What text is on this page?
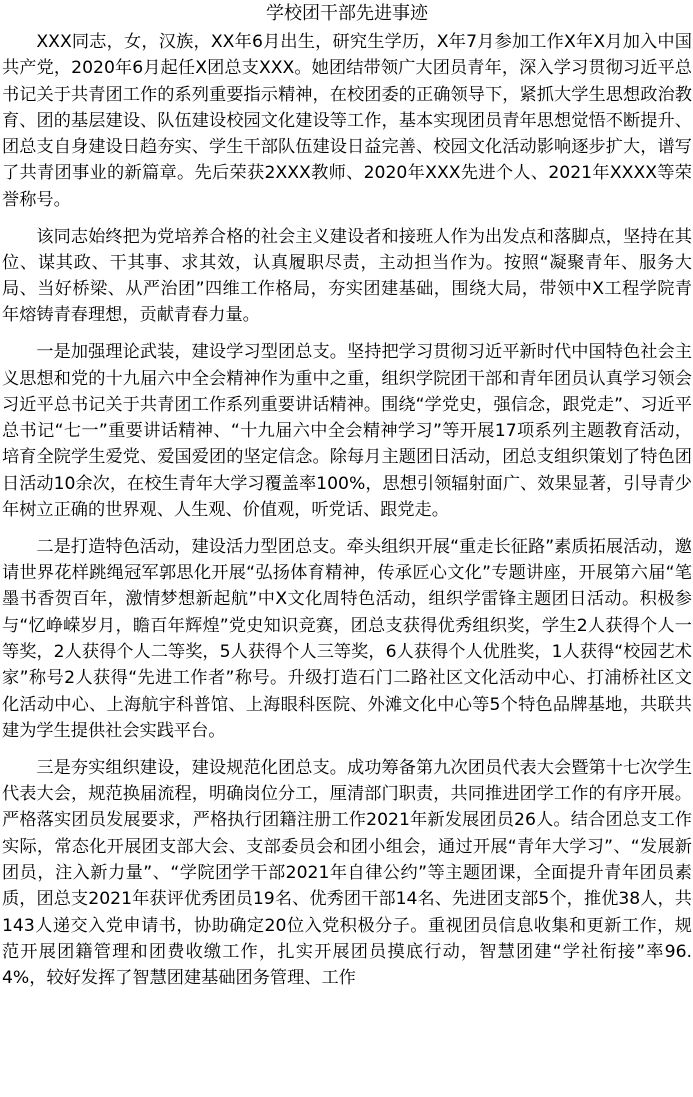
学校团干部先进事迹

XXX同志，女，汉族，XX年6月出生，研究生学历，X年7月参加工作X年X月加入中国共产党，2020年6月起任X团总支XXX。她团结带领广大团员青年，深入学习贯彻习近平总书记关于共青团工作的系列重要指示精神，在校团委的正确领导下，紧抓大学生思想政治教育、团的基层建设、队伍建设校园文化建设等工作，基本实现团员青年思想觉悟不断提升、团总支自身建设日趋夯实、学生干部队伍建设日益完善、校园文化活动影响逐步扩大，谱写了共青团事业的新篇章。先后荣获2XXX教师、2020年XXX先进个人、2021年XXXX等荣誉称号。

该同志始终把为党培养合格的社会主义建设者和接班人作为出发点和落脚点，坚持在其位、谋其政、干其事、求其效，认真履职尽责，主动担当作为。按照“凝聚青年、服务大局、当好桥梁、从严治团”四维工作格局，夯实团建基础，围绕大局，带领中X工程学院青年熔铸青春理想，贡献青春力量。

一是加强理论武装，建设学习型团总支。坚持把学习贯彻习近平新时代中国特色社会主义思想和党的十九届六中全会精神作为重中之重，组织学院团干部和青年团员认真学习领会习近平总书记关于共青团工作系列重要讲话精神。围绕“学党史，强信念，跟党走”、习近平总书记“七一”重要讲话精神、“十九届六中全会精神学习”等开展17项系列主题教育活动，培育全院学生爱党、爱国爱团的坚定信念。除每月主题团日活动，团总支组织策划了特色团日活动10余次，在校生青年大学习覆盖率100%，思想引领辐射面广、效果显著，引导青少年树立正确的世界观、人生观、价值观，听党话、跟党走。

二是打造特色活动，建设活力型团总支。牵头组织开展“重走长征路”素质拓展活动，邀请世界花样跳绳冠军郭思化开展“弘扬体育精神，传承匠心文化”专题讲座，开展第六届“笔墨书香贺百年，激情梦想新起航”中X文化周特色活动，组织学雷锋主题团日活动。积极参与“忆峥嵘岁月，瞻百年辉煌”党史知识竞赛，团总支获得优秀组织奖，学生2人获得个人一等奖，2人获得个人二等奖，5人获得个人三等奖，6人获得个人优胜奖，1人获得“校园艺术家”称号2人获得“先进工作者”称号。升级打造石门二路社区文化活动中心、打浦桥社区文化活动中心、上海航宇科普馆、上海眼科医院、外滩文化中心等5个特色品牌基地，共联共建为学生提供社会实践平台。

三是夯实组织建设，建设规范化团总支。成功筹备第九次团员代表大会暨第十七次学生代表大会，规范换届流程，明确岗位分工，厘清部门职责，共同推进团学工作的有序开展。严格落实团员发展要求，严格执行团籍注册工作2021年新发展团员26人。结合团总支工作实际，常态化开展团支部大会、支部委员会和团小组会，通过开展“青年大学习”、“发展新团员，注入新力量”、“学院团学干部2021年自律公约”等主题团课，全面提升青年团员素质，团总支2021年获评优秀团员19名、优秀团干部14名、先进团支部5个，推优38人，共143人递交入党申请书，协助确定20位入党积极分子。重视团员信息收集和更新工作，规范开展团籍管理和团费收缴工作，扎实开展团员摸底行动，智慧团建“学社衔接”率96.4%，较好发挥了智慧团建基础团务管理、工作
